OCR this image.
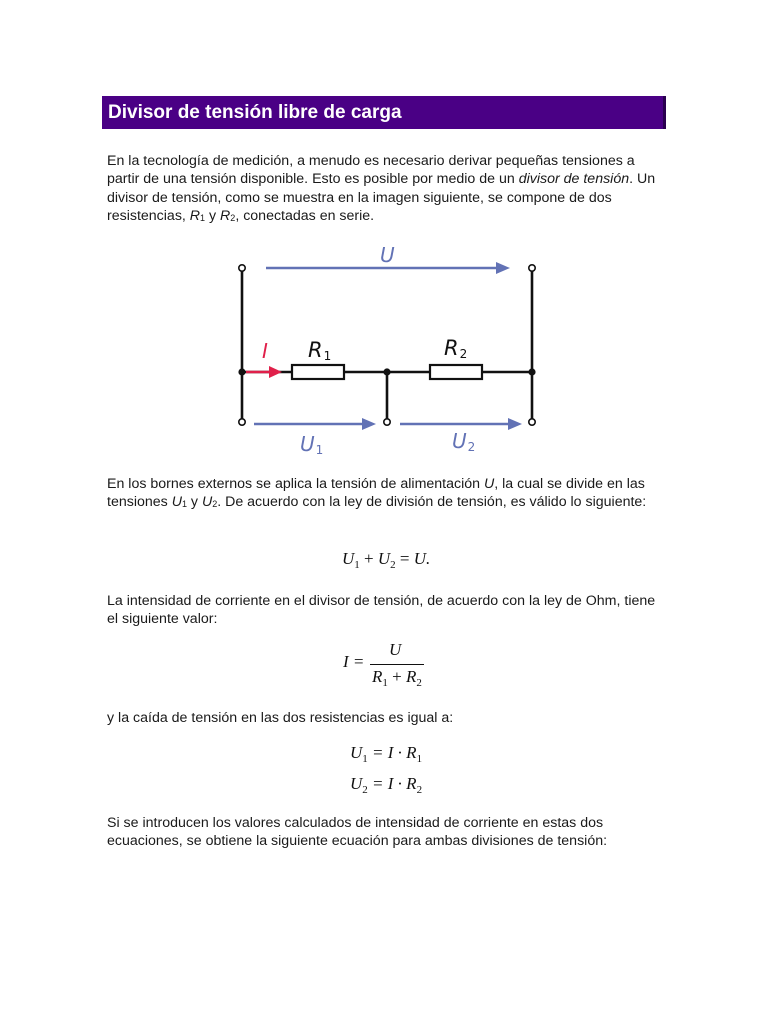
Divisor de tensión libre de carga

En la tecnología de medición, a menudo es necesario derivar pequeñas tensiones a partir de una tensión disponible. Esto es posible por medio de un divisor de tensión. Un divisor de tensión, como se muestra en la imagen siguiente, se compone de dos resistencias, $R_1$ y $R_2$, conectadas en serie.

U
I R1	R2
U1	U2

En los bornes externos se aplica la tensión de alimentación U, la cual se divide en las tensiones $U_1$ y $U_2$. De acuerdo con la ley de división de tensión, es válido lo siguiente:

$U_1 + U_2 = U$.

La intensidad de corriente en el divisor de tensión, de acuerdo con la ley de Ohm, tiene el siguiente valor:

I =
U
$R_1 + R_2$

y la caída de tensión en las dos resistencias es igual a:

$U_1 = I \cdot R_1$
$U_2 = I \cdot R_2$

Si se introducen los valores calculados de intensidad de corriente en estas dos ecuaciones, se obtiene la siguiente ecuación para ambas divisiones de tensión:
